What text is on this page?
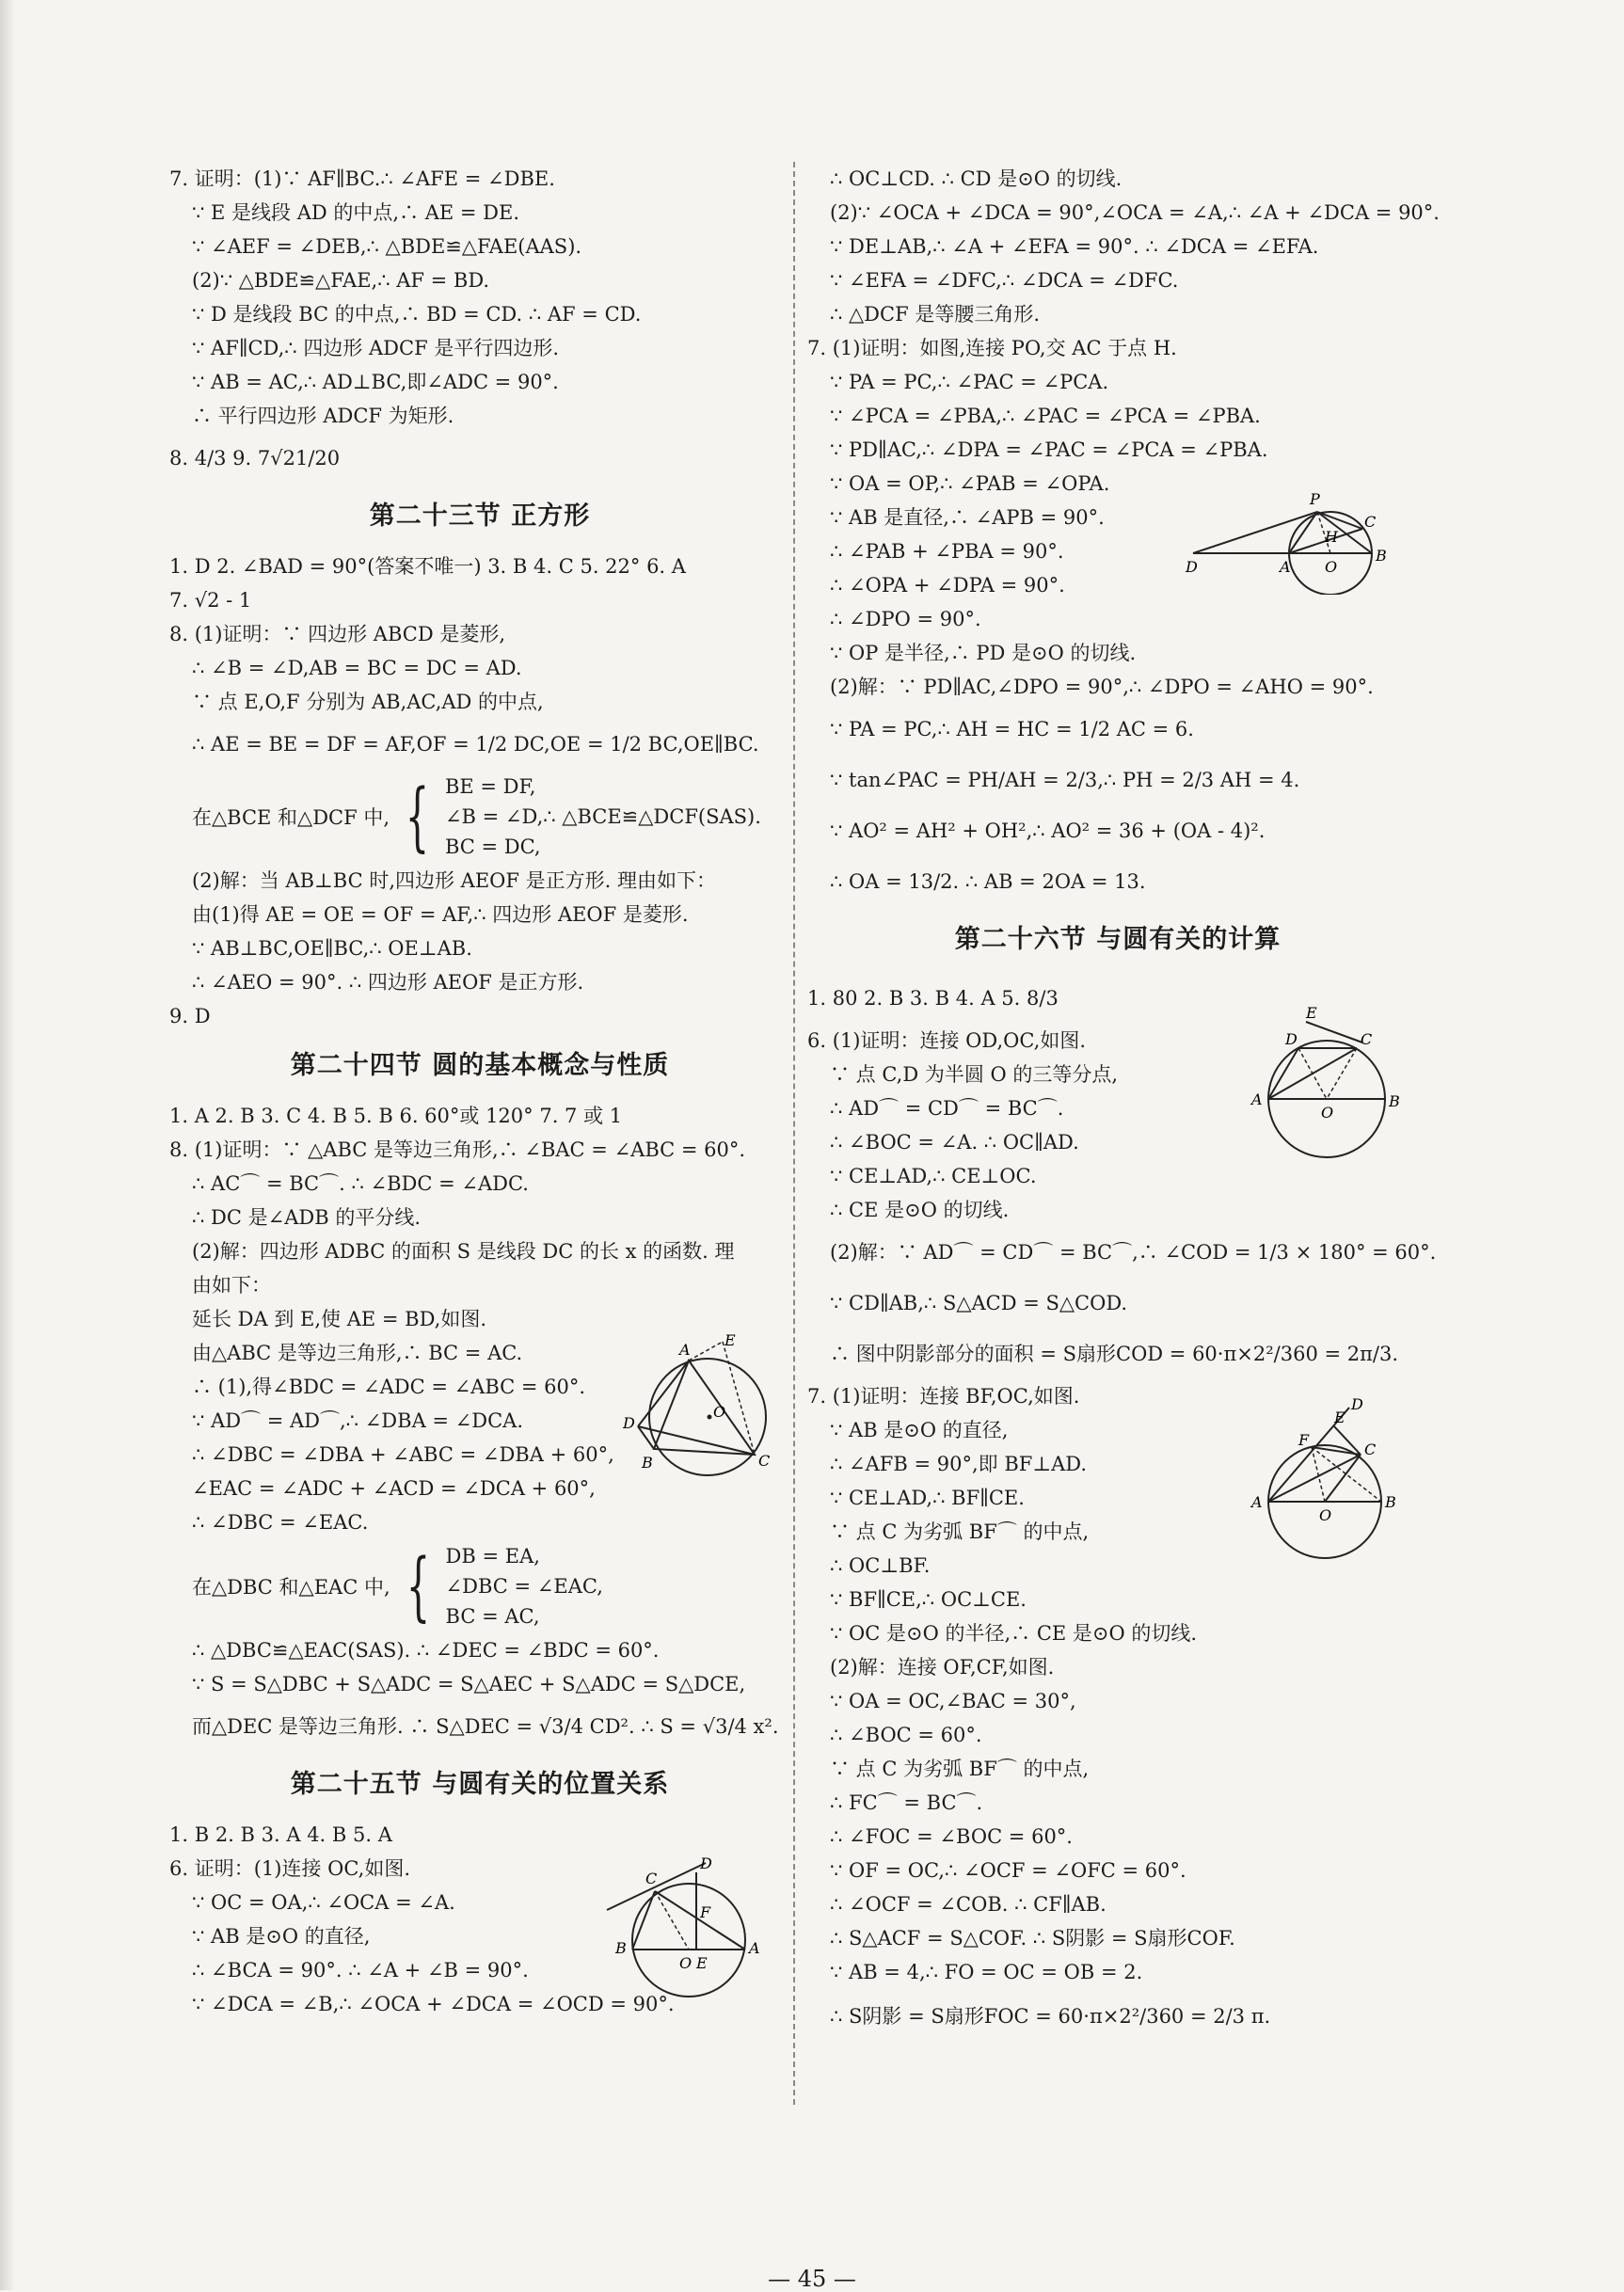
7. 证明：(1)∵ AF∥BC.∴ ∠AFE = ∠DBE.
∵ E 是线段 AD 的中点,∴ AE = DE.
∵ ∠AEF = ∠DEB,∴ △BDE≌△FAE(AAS).
(2)∵ △BDE≌△FAE,∴ AF = BD.
∵ D 是线段 BC 的中点,∴ BD = CD. ∴ AF = CD.
∵ AF∥CD,∴ 四边形 ADCF 是平行四边形.
∵ AB = AC,∴ AD⊥BC,即∠ADC = 90°.
∴ 平行四边形 ADCF 为矩形.
8. 4/3 9. 7√21/20
第二十三节 正方形
1. D 2. ∠BAD = 90°(答案不唯一) 3. B 4. C 5. 22° 6. A
7. √2 - 1
8. (1)证明：∵ 四边形 ABCD 是菱形,
∴ ∠B = ∠D,AB = BC = DC = AD.
∵ 点 E,O,F 分别为 AB,AC,AD 的中点,
∴ AE = BE = DF = AF,OF = 1/2 DC,OE = 1/2 BC,OE∥BC.
在△BCE 和△DCF 中, { BE = DF,
∠B = ∠D,∴ △BCE≌△DCF(SAS).
BC = DC,
(2)解：当 AB⊥BC 时,四边形 AEOF 是正方形. 理由如下：
由(1)得 AE = OE = OF = AF,∴ 四边形 AEOF 是菱形.
∵ AB⊥BC,OE∥BC,∴ OE⊥AB.
∴ ∠AEO = 90°. ∴ 四边形 AEOF 是正方形.
9. D
第二十四节 圆的基本概念与性质
1. A 2. B 3. C 4. B 5. B 6. 60°或 120° 7. 7 或 1
8. (1)证明：∵ △ABC 是等边三角形,∴ ∠BAC = ∠ABC = 60°.
∴ AC⌒ = BC⌒. ∴ ∠BDC = ∠ADC.
∴ DC 是∠ADB 的平分线.
(2)解：四边形 ADBC 的面积 S 是线段 DC 的长 x 的函数. 理
由如下：
延长 DA 到 E,使 AE = BD,如图.
由△ABC 是等边三角形,∴ BC = AC.
∴ (1),得∠BDC = ∠ADC = ∠ABC = 60°.
∵ AD⌒ = AD⌒,∴ ∠DBA = ∠DCA.
∴ ∠DBC = ∠DBA + ∠ABC = ∠DBA + 60°,
∠EAC = ∠ADC + ∠ACD = ∠DCA + 60°,
∴ ∠DBC = ∠EAC.
A
E
D
O
B	C
在△DBC 和△EAC 中, { DB = EA,
∠DBC = ∠EAC,
BC = AC,
∴ △DBC≌△EAC(SAS). ∴ ∠DEC = ∠BDC = 60°.
∵ S = S△DBC + S△ADC = S△AEC + S△ADC = S△DCE,
而△DEC 是等边三角形. ∴ S△DEC = √3/4 CD². ∴ S = √3/4 x².
第二十五节 与圆有关的位置关系
1. B 2. B 3. A 4. B 5. A
6. 证明：(1)连接 OC,如图.
∵ OC = OA,∴ ∠OCA = ∠A.
∵ AB 是⊙O 的直径,
∴ ∠BCA = 90°. ∴ ∠A + ∠B = 90°.
∵ ∠DCA = ∠B,∴ ∠OCA + ∠DCA = ∠OCD = 90°.
C
D
F
B
O E
A
∴ OC⊥CD. ∴ CD 是⊙O 的切线.
(2)∵ ∠OCA + ∠DCA = 90°,∠OCA = ∠A,∴ ∠A + ∠DCA = 90°.
∵ DE⊥AB,∴ ∠A + ∠EFA = 90°. ∴ ∠DCA = ∠EFA.
∵ ∠EFA = ∠DFC,∴ ∠DCA = ∠DFC.
∴ △DCF 是等腰三角形.
7. (1)证明：如图,连接 PO,交 AC 于点 H.
∵ PA = PC,∴ ∠PAC = ∠PCA.
∵ ∠PCA = ∠PBA,∴ ∠PAC = ∠PCA = ∠PBA.
∵ PD∥AC,∴ ∠DPA = ∠PAC = ∠PCA = ∠PBA.
∵ OA = OP,∴ ∠PAB = ∠OPA.
∵ AB 是直径,∴ ∠APB = 90°.
∴ ∠PAB + ∠PBA = 90°.
∴ ∠OPA + ∠DPA = 90°.
∴ ∠DPO = 90°.
∵ OP 是半径,∴ PD 是⊙O 的切线.
(2)解：∵ PD∥AC,∠DPO = 90°,∴ ∠DPO = ∠AHO = 90°.
P
C
D	A
H
O
B
∵ PA = PC,∴ AH = HC = 1/2 AC = 6.
∵ tan∠PAC = PH/AH = 2/3,∴ PH = 2/3 AH = 4.
∵ AO² = AH² + OH²,∴ AO² = 36 + (OA - 4)².
∴ OA = 13/2. ∴ AB = 2OA = 13.
第二十六节 与圆有关的计算
1. 80 2. B 3. B 4. A 5. 8/3
6. (1)证明：连接 OD,OC,如图.
∵ 点 C,D 为半圆 O 的三等分点,
∴ AD⌒ = CD⌒ = BC⌒.
∴ ∠BOC = ∠A. ∴ OC∥AD.
∵ CE⊥AD,∴ CE⊥OC.
∴ CE 是⊙O 的切线.
E
D	C
A
O
B
(2)解：∵ AD⌒ = CD⌒ = BC⌒,∴ ∠COD = 1/3 × 180° = 60°.
∵ CD∥AB,∴ S△ACD = S△COD.
∴ 图中阴影部分的面积 = S扇形COD = 60·π×2²/360 = 2π/3.
7. (1)证明：连接 BF,OC,如图.
∵ AB 是⊙O 的直径,
∴ ∠AFB = 90°,即 BF⊥AD.
∵ CE⊥AD,∴ BF∥CE.
∵ 点 C 为劣弧 BF⌒ 的中点,
∴ OC⊥BF.
∵ BF∥CE,∴ OC⊥CE.
∵ OC 是⊙O 的半径,∴ CE 是⊙O 的切线.
(2)解：连接 OF,CF,如图.
∵ OA = OC,∠BAC = 30°,
∴ ∠BOC = 60°.
∵ 点 C 为劣弧 BF⌒ 的中点,
∴ FC⌒ = BC⌒.
∴ ∠FOC = ∠BOC = 60°.
∵ OF = OC,∴ ∠OCF = ∠OFC = 60°.
∴ ∠OCF = ∠COB. ∴ CF∥AB.
∴ S△ACF = S△COF. ∴ S阴影 = S扇形COF.
∵ AB = 4,∴ FO = OC = OB = 2.
D
E
F
C
A
O
B
∴ S阴影 = S扇形FOC = 60·π×2²/360 = 2/3 π.
— 45 —
